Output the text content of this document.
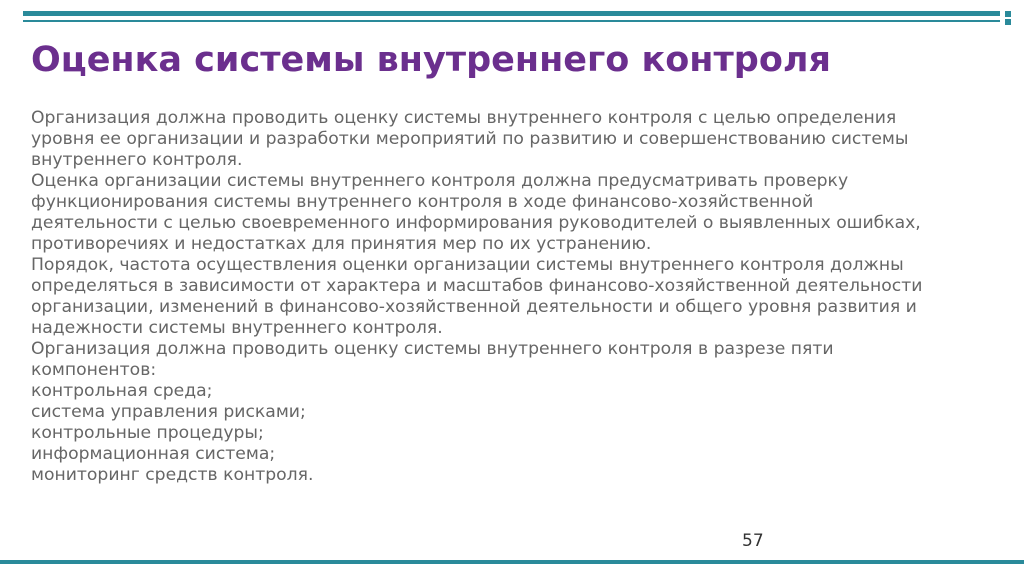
Оценка системы внутреннего контроля
Организация должна проводить оценку системы внутреннего контроля с целью определения
уровня ее организации и разработки мероприятий по развитию и совершенствованию системы
внутреннего контроля.
Оценка организации системы внутреннего контроля должна предусматривать проверку
функционирования системы внутреннего контроля в ходе финансово-хозяйственной
деятельности с целью своевременного информирования руководителей о выявленных ошибках,
противоречиях и недостатках для принятия мер по их устранению.
Порядок, частота осуществления оценки организации системы внутреннего контроля должны
определяться в зависимости от характера и масштабов финансово-хозяйственной деятельности
организации, изменений в финансово-хозяйственной деятельности и общего уровня развития и
надежности системы внутреннего контроля.
Организация должна проводить оценку системы внутреннего контроля в разрезе пяти
компонентов:
контрольная среда;
система управления рисками;
контрольные процедуры;
информационная система;
мониторинг средств контроля.
57
